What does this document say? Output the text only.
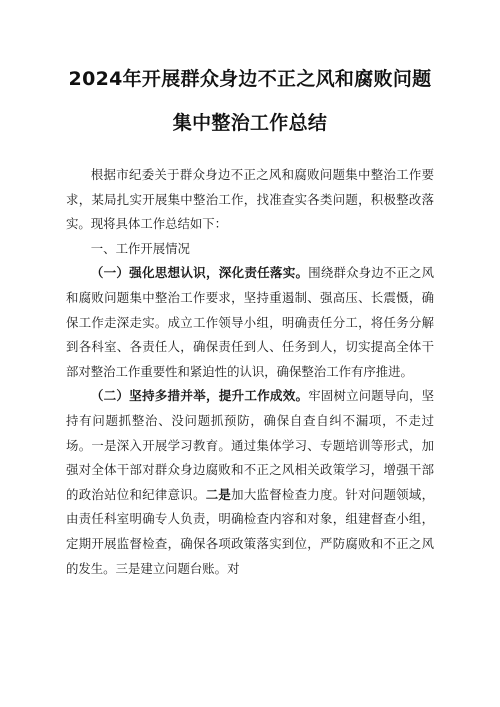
2024年开展群众身边不正之风和腐败问题
集中整治工作总结

根据市纪委关于群众身边不正之风和腐败问题集中整治工作要求，某局扎实开展集中整治工作，找准查实各类问题，积极整改落实。现将具体工作总结如下：

一、工作开展情况

（一）强化思想认识，深化责任落实。围绕群众身边不正之风和腐败问题集中整治工作要求，坚持重遏制、强高压、长震慑，确保工作走深走实。成立工作领导小组，明确责任分工，将任务分解到各科室、各责任人，确保责任到人、任务到人，切实提高全体干部对整治工作重要性和紧迫性的认识，确保整治工作有序推进。

（二）坚持多措并举，提升工作成效。牢固树立问题导向，坚持有问题抓整治、没问题抓预防，确保自查自纠不漏项，不走过场。一是深入开展学习教育。通过集体学习、专题培训等形式，加强对全体干部对群众身边腐败和不正之风相关政策学习，增强干部的政治站位和纪律意识。二是加大监督检查力度。针对问题领域，由责任科室明确专人负责，明确检查内容和对象，组建督查小组，定期开展监督检查，确保各项政策落实到位，严防腐败和不正之风的发生。三是建立问题台账。对
